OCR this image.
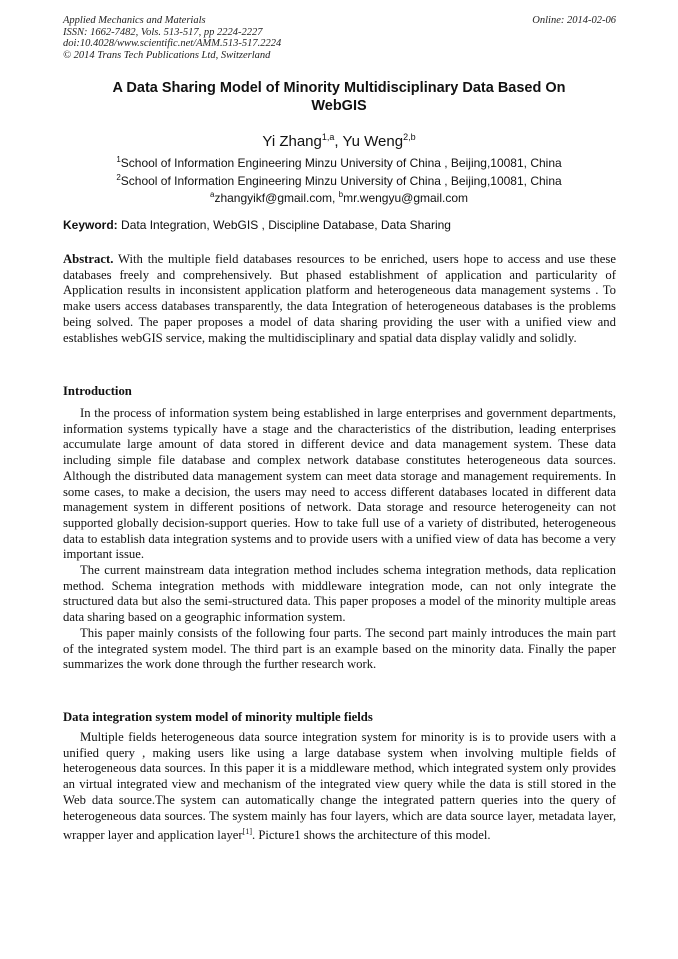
Applied Mechanics and Materials
ISSN: 1662-7482, Vols. 513-517, pp 2224-2227
doi:10.4028/www.scientific.net/AMM.513-517.2224
© 2014 Trans Tech Publications Ltd, Switzerland
Online: 2014-02-06
A Data Sharing Model of Minority Multidisciplinary Data Based On WebGIS
Yi Zhang$^{1,a}$, Yu Weng$^{2,b}$
$^1$School of Information Engineering Minzu University of China , Beijing,10081, China
$^2$School of Information Engineering Minzu University of China , Beijing,10081, China
$^a$zhangyikf@gmail.com, $^b$mr.wengyu@gmail.com
Keyword: Data Integration, WebGIS , Discipline Database, Data Sharing

Abstract. With the multiple field databases resources to be enriched, users hope to access and use these databases freely and comprehensively. But phased establishment of application and particularity of Application results in inconsistent application platform and heterogeneous data management systems . To make users access databases transparently, the data Integration of heterogeneous databases is the problems being solved. The paper proposes a model of data sharing providing the user with a unified view and establishes webGIS service, making the multidisciplinary and spatial data display validly and solidly.

Introduction

In the process of information system being established in large enterprises and government departments, information systems typically have a stage and the characteristics of the distribution, leading enterprises accumulate large amount of data stored in different device and data management system. These data including simple file database and complex network database constitutes heterogeneous data sources. Although the distributed data management system can meet data storage and management requirements. In some cases, to make a decision, the users may need to access different databases located in different data management system in different positions of network. Data storage and resource heterogeneity can not supported globally decision-support queries. How to take full use of a variety of distributed, heterogeneous data to establish data integration systems and to provide users with a unified view of data has become a very important issue.

The current mainstream data integration method includes schema integration methods, data replication method. Schema integration methods with middleware integration mode, can not only integrate the structured data but also the semi-structured data. This paper proposes a model of the minority multiple areas data sharing based on a geographic information system.

This paper mainly consists of the following four parts. The second part mainly introduces the main part of the integrated system model. The third part is an example based on the minority data. Finally the paper summarizes the work done through the further research work.

Data integration system model of minority multiple fields

Multiple fields heterogeneous data source integration system for minority is is to provide users with a unified query , making users like using a large database system when involving multiple fields of heterogeneous data sources. In this paper it is a middleware method, which integrated system only provides an virtual integrated view and mechanism of the integrated view query while the data is still stored in the Web data source.The system can automatically change the integrated pattern queries into the query of heterogeneous data sources. The system mainly has four layers, which are data source layer, metadata layer, wrapper layer and application layer[1]. Picture1 shows the architecture of this model.
